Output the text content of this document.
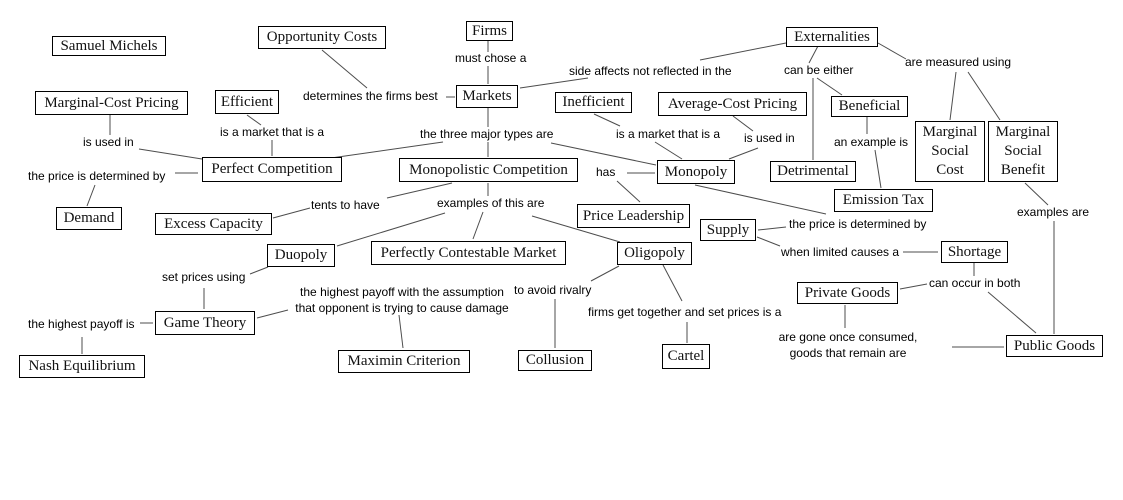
Samuel Michels
Opportunity Costs	Firms	Externalities
Marginal-Cost Pricing	Efficient	Markets	Inefficient	Average-Cost Pricing	Beneficial
Marginal Social Cost
Marginal Social Benefit
Perfect Competition	Monopolistic Competition	Monopoly	Detrimental
Emission Tax
Demand	Excess Capacity	Price Leadership
Supply
Duopoly	Perfectly Contestable Market	Oligopoly	Shortage
Game Theory
Private Goods
Nash Equilibrium	Maximin Criterion	Collusion	Cartel
Public Goods
must chose a
determines the firms best
side affects not reflected in the	can be either
are measured using
is a market that is a
is used in
the three major types are	is a market that is a is used in	an example is
the price is determined by
tents to have
has
examples of this are
the price is determined by
when limited causes a
examples are
can occur in both
set prices using
the highest payoff is
the highest payoff with the assumption
that opponent is trying to cause damage
to avoid rivalry
firms get together and set prices is a
are gone once consumed,
goods that remain are
